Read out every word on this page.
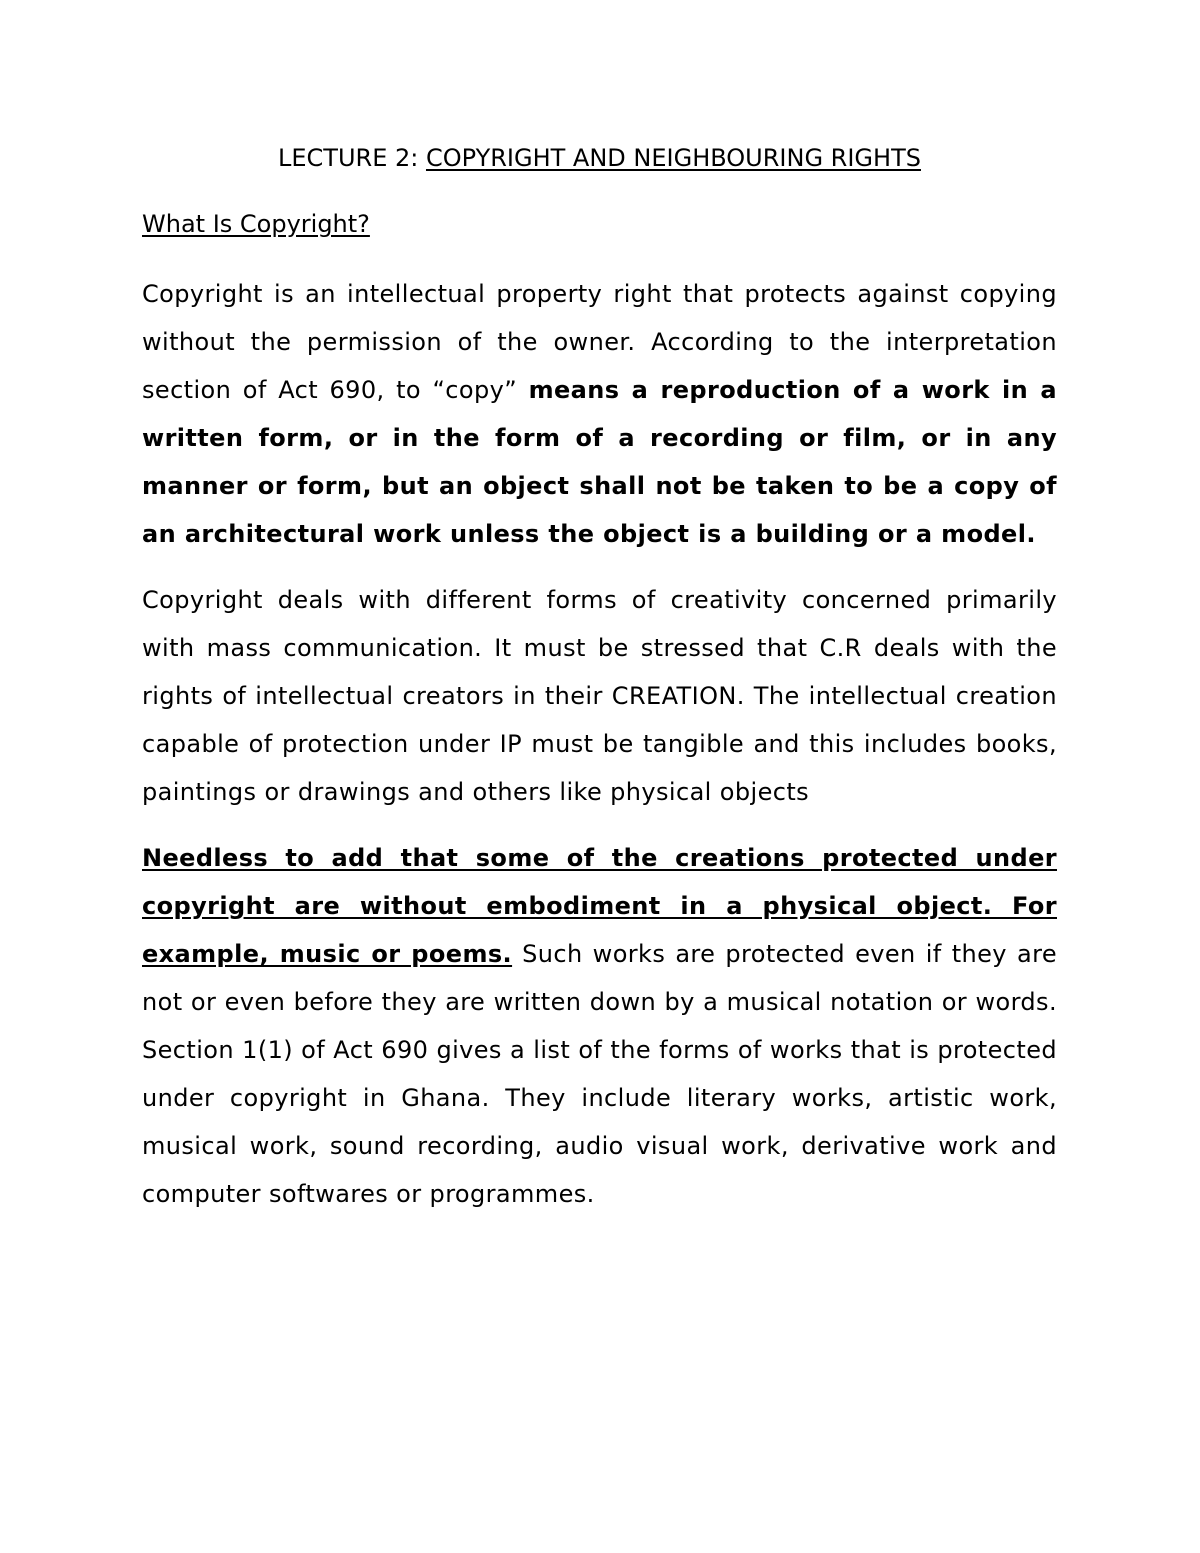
LECTURE 2: COPYRIGHT AND NEIGHBOURING RIGHTS
What Is Copyright?

Copyright is an intellectual property right that protects against copying without the permission of the owner. According to the interpretation section of Act 690, to “copy” means a reproduction of a work in a written form, or in the form of a recording or film, or in any manner or form, but an object shall not be taken to be a copy of an architectural work unless the object is a building or a model.

Copyright deals with different forms of creativity concerned primarily with mass communication. It must be stressed that C.R deals with the rights of intellectual creators in their CREATION. The intellectual creation capable of protection under IP must be tangible and this includes books, paintings or drawings and others like physical objects

Needless to add that some of the creations protected under copyright are without embodiment in a physical object. For example, music or poems. Such works are protected even if they are not or even before they are written down by a musical notation or words. Section 1(1) of Act 690 gives a list of the forms of works that is protected under copyright in Ghana. They include literary works, artistic work, musical work, sound recording, audio visual work, derivative work and computer softwares or programmes.
